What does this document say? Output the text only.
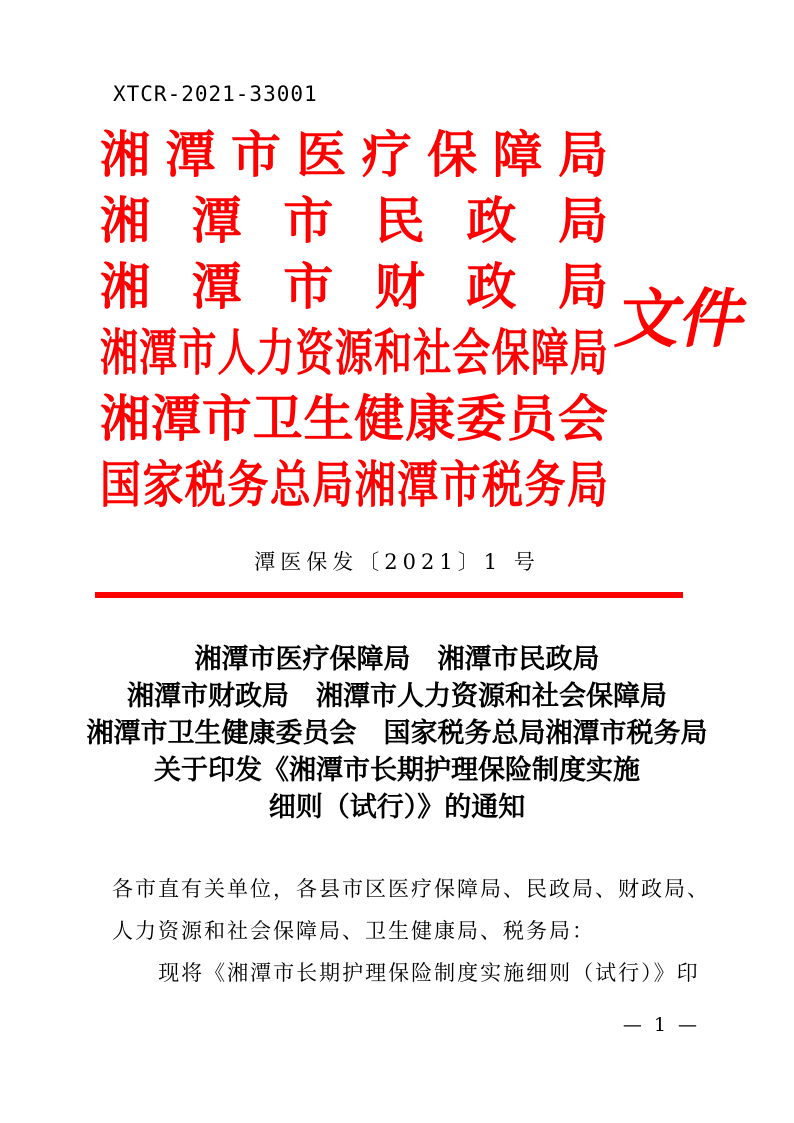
XTCR-2021-33001
湘 潭 市 医 疗 保 障 局
湘 潭 市 民 政 局
湘 潭 市 财 政 局
湘 潭 市 人 力 资 源 和 社 会 保 障 局
湘 潭 市 卫 生 健 康 委 员 会
国 家 税 务 总 局 湘 潭 市 税 务 局
文件
潭医保发〔2021〕1 号
湘潭市医疗保障局　湘潭市民政局
湘潭市财政局　湘潭市人力资源和社会保障局
湘潭市卫生健康委员会　国家税务总局湘潭市税务局
关于印发《湘潭市长期护理保险制度实施
细则（试行）》的通知
各市直有关单位，各县市区医疗保障局、民政局、财政局、
人力资源和社会保障局、卫生健康局、税务局：
现将《湘潭市长期护理保险制度实施细则（试行）》印
— 1 —
